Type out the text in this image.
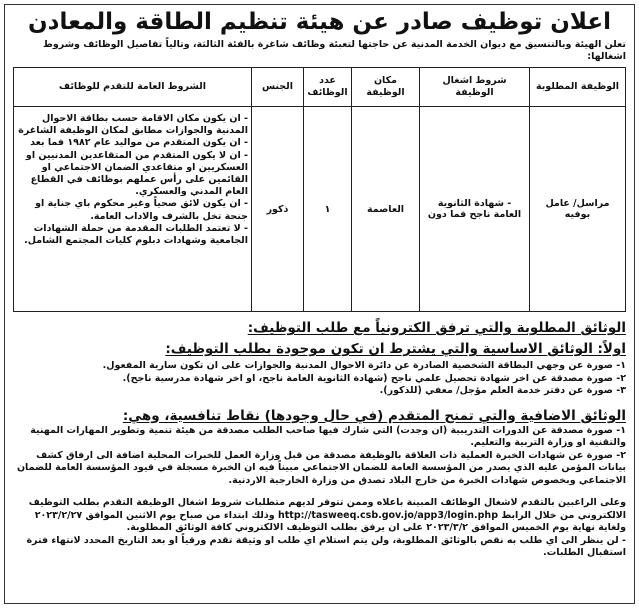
اعلان توظيف صادر عن هيئة تنظيم الطاقة والمعادن

تعلن الهيئة وبالتنسيق مع ديوان الخدمة المدنية عن حاجتها لتعبئة وظائف شاغرة بالفئة الثالثة، وتالياً تفاصيل الوظائف وشروط اشغالها:

الوظيفة المطلوبة	شروط اشغال الوظيفة	مكان الوظيفة	عدد الوظائف	الجنس	الشروط العامة للتقدم للوظائف
مراسل/ عامل بوفيه	- شهادة الثانوية العامة ناجح فما دون	العاصمة	١	ذكور	- ان يكون مكان الاقامة حسب بطاقة الاحوال المدنية والجوازات مطابق لمكان الوظيفة الشاغرة
- ان يكون المتقدم من مواليد عام ١٩٨٢ فما بعد
- ان لا يكون المتقدم من المتقاعدين المدنيين او العسكريين او متقاعدي الضمان الاجتماعي او القائمين على رأس عملهم بوظائف في القطاع العام المدني والعسكري.
- ان يكون لائق صحياً وغير محكوم باي جناية او جنحة تخل بالشرف والاداب العامة.
- لا تعتمد الطلبات المقدمة من حملة الشهادات الجامعية وشهادات دبلوم كليات المجتمع الشامل.
الوثائق المطلوبة والتي ترفق الكترونياً مع طلب التوظيف:
اولاً: الوثائق الاساسية والتي يشترط ان تكون موجودة بطلب التوظيف:

١- صورة عن وجهي البطاقة الشخصية الصادرة عن دائرة الاحوال المدنية والجوازات على ان تكون سارية المفعول.

٢- صورة مصدقة عن اخر شهادة تحصيل علمي ناجح (شهادة الثانوية العامة ناجح، او اخر شهادة مدرسية ناجح).

٣- صورة عن دفتر خدمة العلم مؤجل/ معفي (للذكور).

الوثائق الاضافية والتي تمنح المتقدم (في حال وجودها) نقاط تنافسية، وهي:

١- صورة مصدقة عن الدورات التدريبية (ان وجدت) التي شارك فيها صاحب الطلب مصدقة من هيئة تنمية وتطوير المهارات المهنية والتقنية او وزارة التربية والتعليم.

٢- صورة عن شهادات الخبرة العملية ذات العلاقة بالوظيفة مصدقة من قبل وزارة العمل للخبرات المحلية اضافة الى ارفاق كشف بيانات المؤمن عليه الذي يصدر من المؤسسة العامة للضمان الاجتماعي مبيناً فيه ان الخبرة مسجلة في قيود المؤسسة العامة للضمان الاجتماعي وبخصوص شهادات الخبرة من خارج البلاد تصدق من وزارة الخارجية الاردنية.

وعلى الراغبين بالتقدم لاشغال الوظائف المبينة باعلاه وممن تتوفر لديهم متطلبات شروط اشغال الوظيفة التقدم بطلب التوظيف الالكتروني من خلال الرابط http://tasweeq.csb.gov.jo/app3/login.php وذلك ابتداء من صباح يوم الاثنين الموافق ٢٠٢٣/٢/٢٧ ولغاية نهاية يوم الخميس الموافق ٢٠٢٣/٣/٢ على ان يرفق بطلب التوظيف الالكتروني كافة الوثائق المطلوبة.

- لن ينظر الى اي طلب به نقص بالوثائق المطلوبة، ولن يتم استلام اي طلب او وثيقة تقدم ورقياً او بعد التاريخ المحدد لانتهاء فترة استقبال الطلبات.
